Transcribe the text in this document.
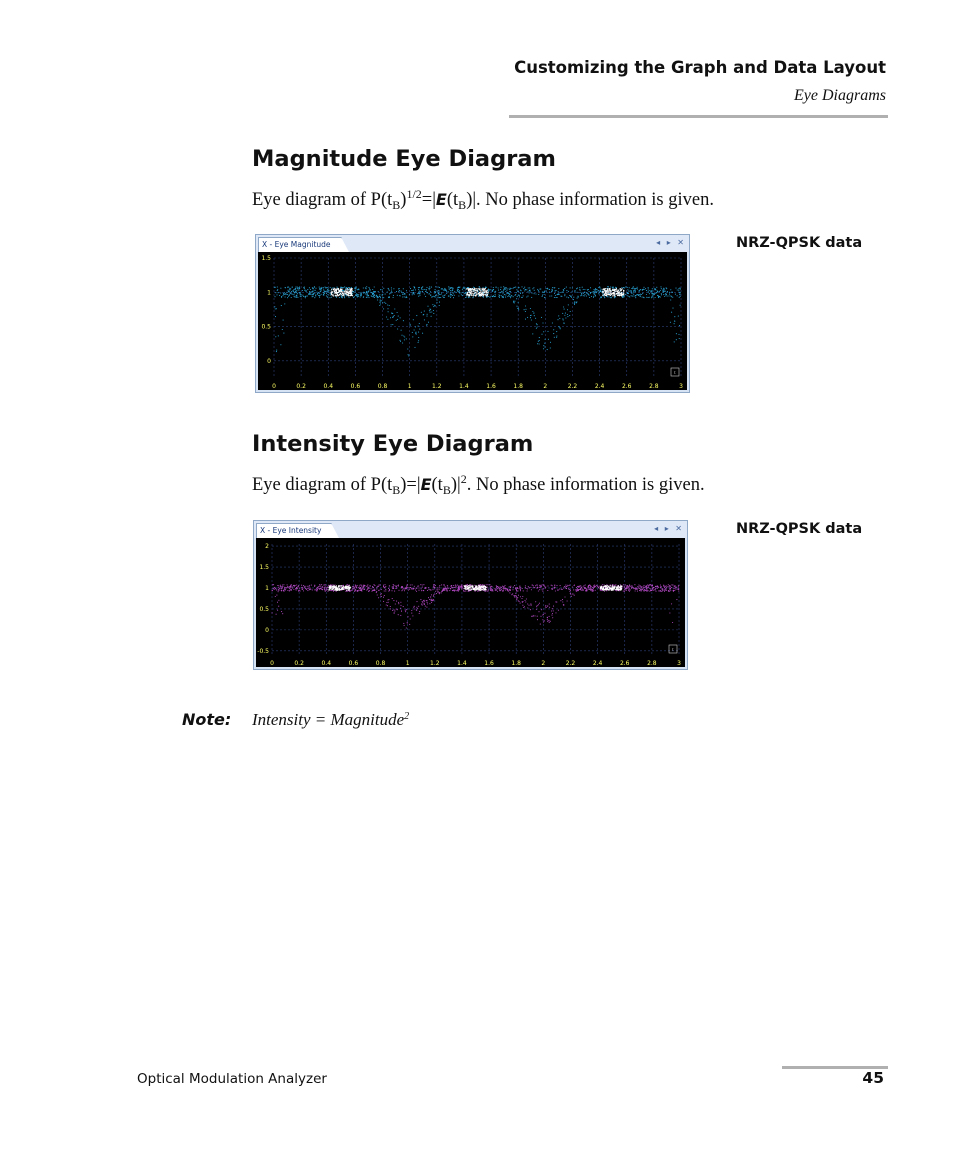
Customizing the Graph and Data Layout
Eye Diagrams
Magnitude Eye Diagram

Eye diagram of $P(t_B)^{1/2}=|E(t_B)|$. No phase information is given.

NRZ-QPSK data
X - Eye Magnitude	◂ ▸ ✕
0	0.2	0.4	0.6	0.8	1	1.2	1.4	1.6	1.8	2	2.2	2.4	2.6	2.8	3
0
0.5
1
1.5
t
Intensity Eye Diagram

Eye diagram of $P(t_B)=|E(t_B)|^2$. No phase information is given.

NRZ-QPSK data
X - Eye Intensity	◂ ▸ ✕
0	0.2	0.4	0.6	0.8	1	1.2	1.4	1.6	1.8	2	2.2	2.4	2.6	2.8	3
-0.5
0
0.5
1
1.5
2
t
Note: Intensity = Magnitude$^2$
Optical Modulation Analyzer	45
